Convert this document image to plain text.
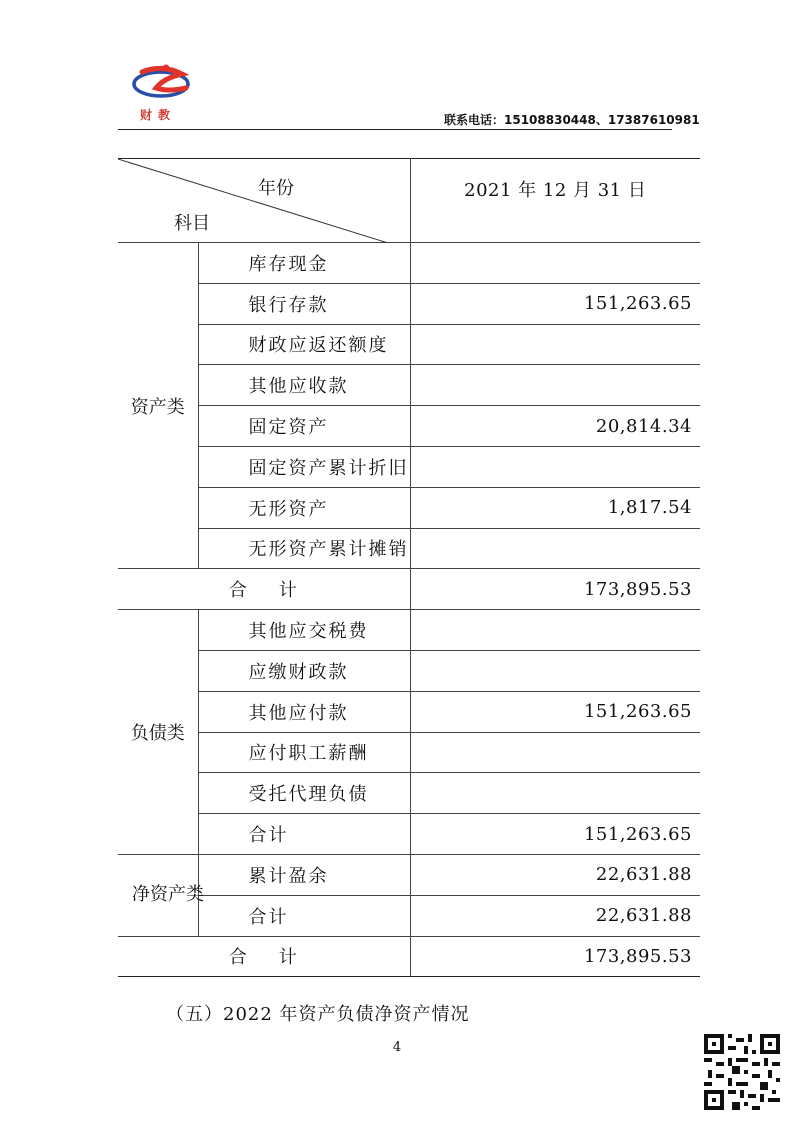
财教	联系电话：15108830448、17387610981
年份
科目		2021 年 12 月 31 日
资产类	库存现金	
	银行存款	151,263.65
	财政应返还额度	
	其他应收款	
	固定资产	20,814.34
	固定资产累计折旧	
	无形资产	1,817.54
	无形资产累计摊销	
合 计		173,895.53
负债类	其他应交税费	
	应缴财政款	
	其他应付款	151,263.65
	应付职工薪酬	
	受托代理负债	
	合计	151,263.65
净资产类	累计盈余	22,631.88
	合计	22,631.88
合 计		173,895.53
（五）2022 年资产负债净资产情况
4
